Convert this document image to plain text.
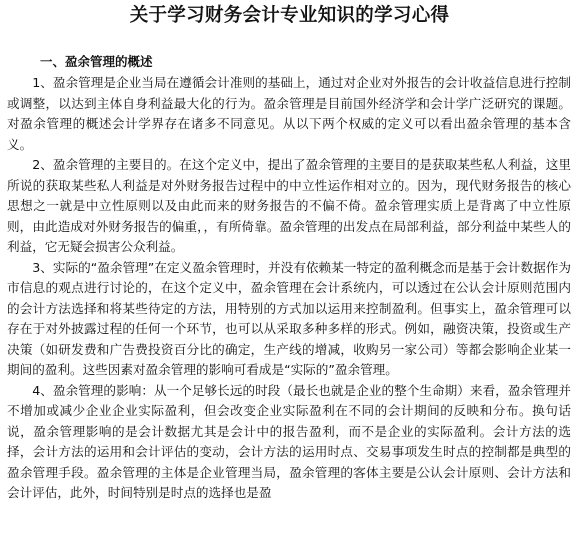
关于学习财务会计专业知识的学习心得
一、盈余管理的概述

1、盈余管理是企业当局在遵循会计准则的基础上，通过对企业对外报告的会计收益信息进行控制或调整，以达到主体自身利益最大化的行为。盈余管理是目前国外经济学和会计学广泛研究的课题。对盈余管理的概述会计学界存在诸多不同意见。从以下两个权威的定义可以看出盈余管理的基本含义。

2、盈余管理的主要目的。在这个定义中，提出了盈余管理的主要目的是获取某些私人利益，这里所说的获取某些私人利益是对外财务报告过程中的中立性运作相对立的。因为，现代财务报告的核心思想之一就是中立性原则以及由此而来的财务报告的不偏不倚。盈余管理实质上是背离了中立性原则，由此造成对外财务报告的偏重，，有所倚靠。盈余管理的出发点在局部利益，部分利益中某些人的利益，它无疑会损害公众利益。

3、实际的“盈余管理”在定义盈余管理时，并没有依赖某一特定的盈利概念而是基于会计数据作为市信息的观点进行讨论的，在这个定义中，盈余管理在会计系统内，可以透过在公认会计原则范围内的会计方法选择和将某些待定的方法，用特别的方式加以运用来控制盈利。但事实上，盈余管理可以存在于对外披露过程的任何一个环节，也可以从采取多种多样的形式。例如，融资决策，投资或生产决策（如研发费和广告费投资百分比的确定，生产线的增减，收购另一家公司）等都会影响企业某一期间的盈利。这些因素对盈余管理的影响可看成是“实际的”盈余管理。

4、盈余管理的影响：从一个足够长远的时段（最长也就是企业的整个生命期）来看，盈余管理并不增加或减少企业企业实际盈利，但会改变企业实际盈利在不同的会计期间的反映和分布。换句话说，盈余管理影响的是会计数据尤其是会计中的报告盈利，而不是企业的实际盈利。会计方法的选择，会计方法的运用和会计评估的变动，会计方法的运用时点、交易事项发生时点的控制都是典型的盈余管理手段。盈余管理的主体是企业管理当局，盈余管理的客体主要是公认会计原则、会计方法和会计评估，此外，时间特别是时点的选择也是盈
